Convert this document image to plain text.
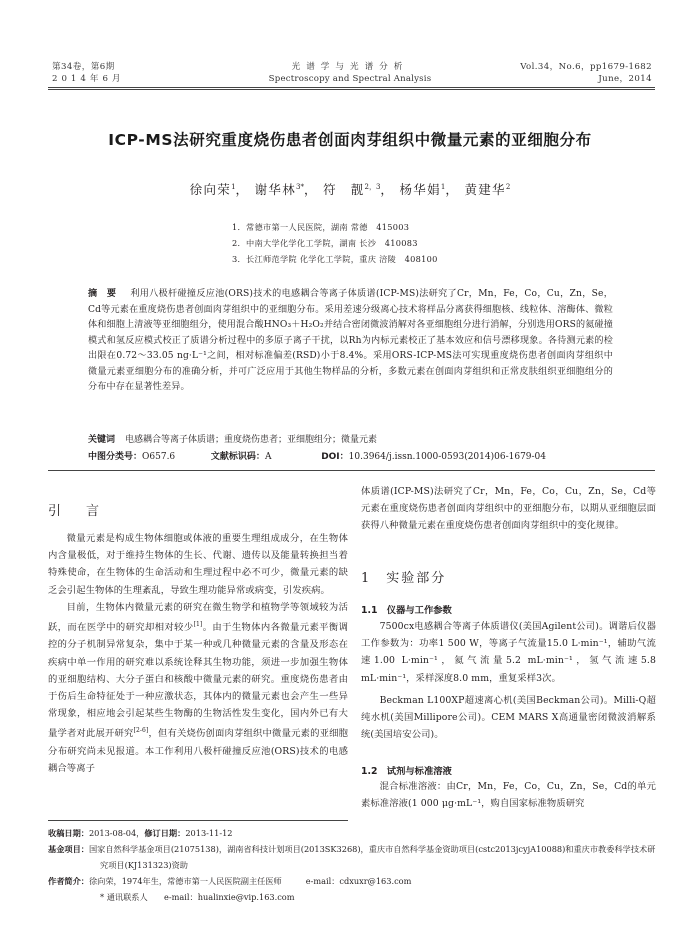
第34卷，第6期
2014年6月
光谱学与光谱分析
Spectroscopy and Spectral Analysis
Vol.34，No.6，pp1679-1682
June，2014
ICP-MS法研究重度烧伤患者创面肉芽组织中微量元素的亚细胞分布
徐向荣$^1$， 谢华林$^{3*}$， 符　靓$^{2,3}$， 杨华娟$^1$， 黄建华$^2$
1．常德市第一人民医院，湖南 常德　415003
2．中南大学化学化工学院，湖南 长沙　410083
3．长江师范学院 化学化工学院，重庆 涪陵　408100
摘　要 利用八极杆碰撞反应池(ORS)技术的电感耦合等离子体质谱(ICP-MS)法研究了Cr，Mn，Fe，Co，Cu，Zn，Se，Cd等元素在重度烧伤患者创面肉芽组织中的亚细胞分布。采用差速分级离心技术将样品分离获得细胞核、线粒体、溶酶体、微粒体和细胞上清液等亚细胞组分，使用混合酸HNO₃＋H₂O₂并结合密闭微波消解对各亚细胞组分进行消解，分别选用ORS的氦碰撞模式和氢反应模式校正了质谱分析过程中的多原子离子干扰，以Rh为内标元素校正了基本效应和信号漂移现象。各待测元素的检出限在0.72～33.05 ng·L⁻¹之间，相对标准偏差(RSD)小于8.4%。采用ORS-ICP-MS法可实现重度烧伤患者创面肉芽组织中微量元素亚细胞分布的准确分析，并可广泛应用于其他生物样品的分析，多数元素在创面肉芽组织和正常皮肤组织亚细胞组分的分布中存在显著性差异。
关键词 电感耦合等离子体质谱；重度烧伤患者；亚细胞组分；微量元素
中图分类号：O657.6	文献标识码：A	DOI：10.3964/j.issn.1000-0593(2014)06-1679-04
引　言

微量元素是构成生物体细胞或体液的重要生理组成成分，在生物体内含量极低，对于维持生物体的生长、代谢、遗传以及能量转换担当着特殊使命，在生物体的生命活动和生理过程中必不可少，微量元素的缺乏会引起生物体的生理紊乱，导致生理功能异常或病变，引发疾病。

目前，生物体内微量元素的研究在微生物学和植物学等领域较为活跃，而在医学中的研究却相对较少[1]。由于生物体内各微量元素平衡调控的分子机制异常复杂，集中于某一种或几种微量元素的含量及形态在疾病中单一作用的研究难以系统诠释其生物功能，须进一步加强生物体的亚细胞结构、大分子蛋白和核酸中微量元素的研究。重度烧伤患者由于伤后生命特征处于一种应激状态，其体内的微量元素也会产生一些异常现象，相应地会引起某些生物酶的生物活性发生变化，国内外已有大量学者对此展开研究[2-6]，但有关烧伤创面肉芽组织中微量元素的亚细胞分布研究尚未见报道。本工作利用八极杆碰撞反应池(ORS)技术的电感耦合等离子

体质谱(ICP-MS)法研究了Cr，Mn，Fe，Co，Cu，Zn，Se，Cd等元素在重度烧伤患者创面肉芽组织中的亚细胞分布，以期从亚细胞层面获得八种微量元素在重度烧伤患者创面肉芽组织中的变化规律。
1　实验部分
1.1　仪器与工作参数

7500cx电感耦合等离子体质谱仪(美国Agilent公司)。调谐后仪器工作参数为：功率1 500 W，等离子气流量15.0 L·min⁻¹，辅助气流速1.00 L·min⁻¹，氦气流量5.2 mL·min⁻¹，氢气流速5.8 mL·min⁻¹，采样深度8.0 mm，重复采样3次。

Beckman L100XP超速离心机(美国Beckman公司)。Milli-Q超纯水机(美国Millipore公司)。CEM MARS X高通量密闭微波消解系统(美国培安公司)。

1.2　试剂与标准溶液

混合标准溶液：由Cr，Mn，Fe，Co，Cu，Zn，Se，Cd的单元素标准溶液(1 000 μg·mL⁻¹，购自国家标准物质研究

收稿日期：2013-08-04，修订日期：2013-11-12
基金项目：国家自然科学基金项目(21075138)，湖南省科技计划项目(2013SK3268)，重庆市自然科学基金资助项目(cstc2013jcyjA10088)和重庆市教委科学技术研究项目(KJ131323)资助
作者简介：徐向荣，1974年生，常德市第一人民医院副主任医师	e-mail：cdxuxr@163.com
* 通讯联系人　　e-mail：hualinxie@vip.163.com
